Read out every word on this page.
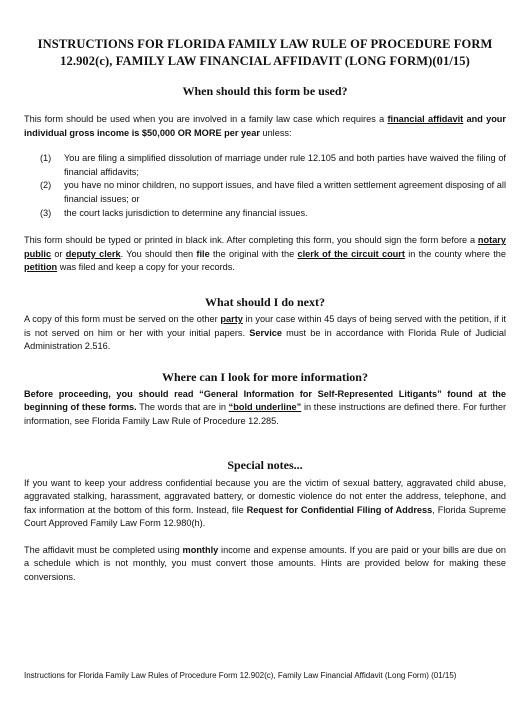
INSTRUCTIONS FOR FLORIDA FAMILY LAW RULE OF PROCEDURE FORM
12.902(c), FAMILY LAW FINANCIAL AFFIDAVIT (LONG FORM)(01/15)
When should this form be used?

This form should be used when you are involved in a family law case which requires a financial affidavit and your individual gross income is $50,000 OR MORE per year unless:

(1)	You are filing a simplified dissolution of marriage under rule 12.105 and both parties have waived the filing of financial affidavits;
(2)	you have no minor children, no support issues, and have filed a written settlement agreement disposing of all financial issues; or
(3)	the court lacks jurisdiction to determine any financial issues.

This form should be typed or printed in black ink. After completing this form, you should sign the form before a notary public or deputy clerk. You should then file the original with the clerk of the circuit court in the county where the petition was filed and keep a copy for your records.

What should I do next?

A copy of this form must be served on the other party in your case within 45 days of being served with the petition, if it is not served on him or her with your initial papers. Service must be in accordance with Florida Rule of Judicial Administration 2.516.

Where can I look for more information?

Before proceeding, you should read “General Information for Self-Represented Litigants” found at the beginning of these forms. The words that are in “bold underline” in these instructions are defined there. For further information, see Florida Family Law Rule of Procedure 12.285.

Special notes...

If you want to keep your address confidential because you are the victim of sexual battery, aggravated child abuse, aggravated stalking, harassment, aggravated battery, or domestic violence do not enter the address, telephone, and fax information at the bottom of this form. Instead, file Request for Confidential Filing of Address, Florida Supreme Court Approved Family Law Form 12.980(h).

The affidavit must be completed using monthly income and expense amounts. If you are paid or your bills are due on a schedule which is not monthly, you must convert those amounts. Hints are provided below for making these conversions.

Instructions for Florida Family Law Rules of Procedure Form 12.902(c), Family Law Financial Affidavit (Long Form) (01/15)
